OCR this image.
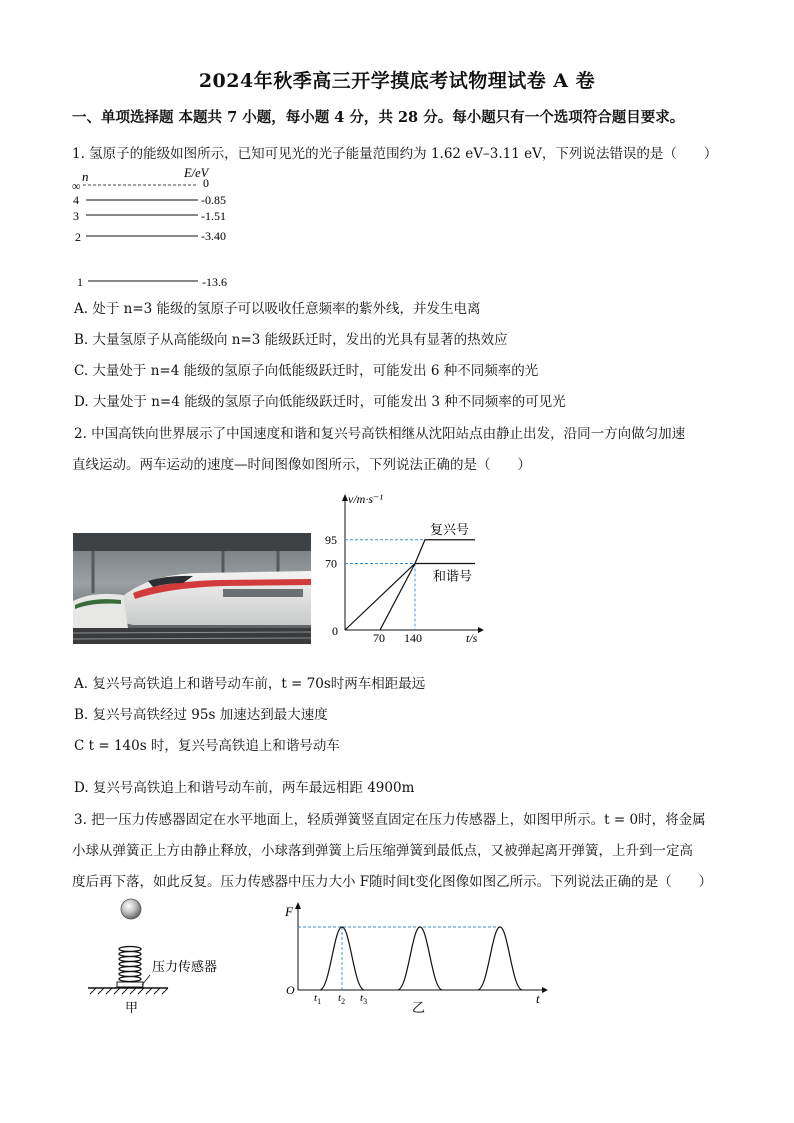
2024年秋季高三开学摸底考试物理试卷 A 卷
一、单项选择题 本题共 7 小题，每小题 4 分，共 28 分。每小题只有一个选项符合题目要求。
1. 氢原子的能级如图所示，已知可见光的光子能量范围约为 1.62 eV–3.11 eV，下列说法错误的是（　　）
n	E/eV
∞	0
4	-0.85
3	-1.51
2	-3.40
1	-13.6
A. 处于 n=3 能级的氢原子可以吸收任意频率的紫外线，并发生电离
B. 大量氢原子从高能级向 n=3 能级跃迁时，发出的光具有显著的热效应
C. 大量处于 n=4 能级的氢原子向低能级跃迁时，可能发出 6 种不同频率的光
D. 大量处于 n=4 能级的氢原子向低能级跃迁时，可能发出 3 种不同频率的可见光
2. 中国高铁向世界展示了中国速度和谐和复兴号高铁相继从沈阳站点由静止出发，沿同一方向做匀加速
直线运动。两车运动的速度—时间图像如图所示，下列说法正确的是（　　）
v/m·s⁻¹
t/s
0
95
70
70 140
复兴号
和谐号
A. 复兴号高铁追上和谐号动车前，t = 70s时两车相距最远
B. 复兴号高铁经过 95s 加速达到最大速度
C t = 140s 时，复兴号高铁追上和谐号动车
D. 复兴号高铁追上和谐号动车前，两车最远相距 4900m
3. 把一压力传感器固定在水平地面上，轻质弹簧竖直固定在压力传感器上，如图甲所示。t = 0时，将金属
小球从弹簧正上方由静止释放，小球落到弹簧上后压缩弹簧到最低点，又被弹起离开弹簧，上升到一定高
度后再下落，如此反复。压力传感器中压力大小 F随时间t变化图像如图乙所示。下列说法正确的是（　　）
压力传感器
甲
F
t
O
$t_1$ $t_2$ $t_3$	乙
